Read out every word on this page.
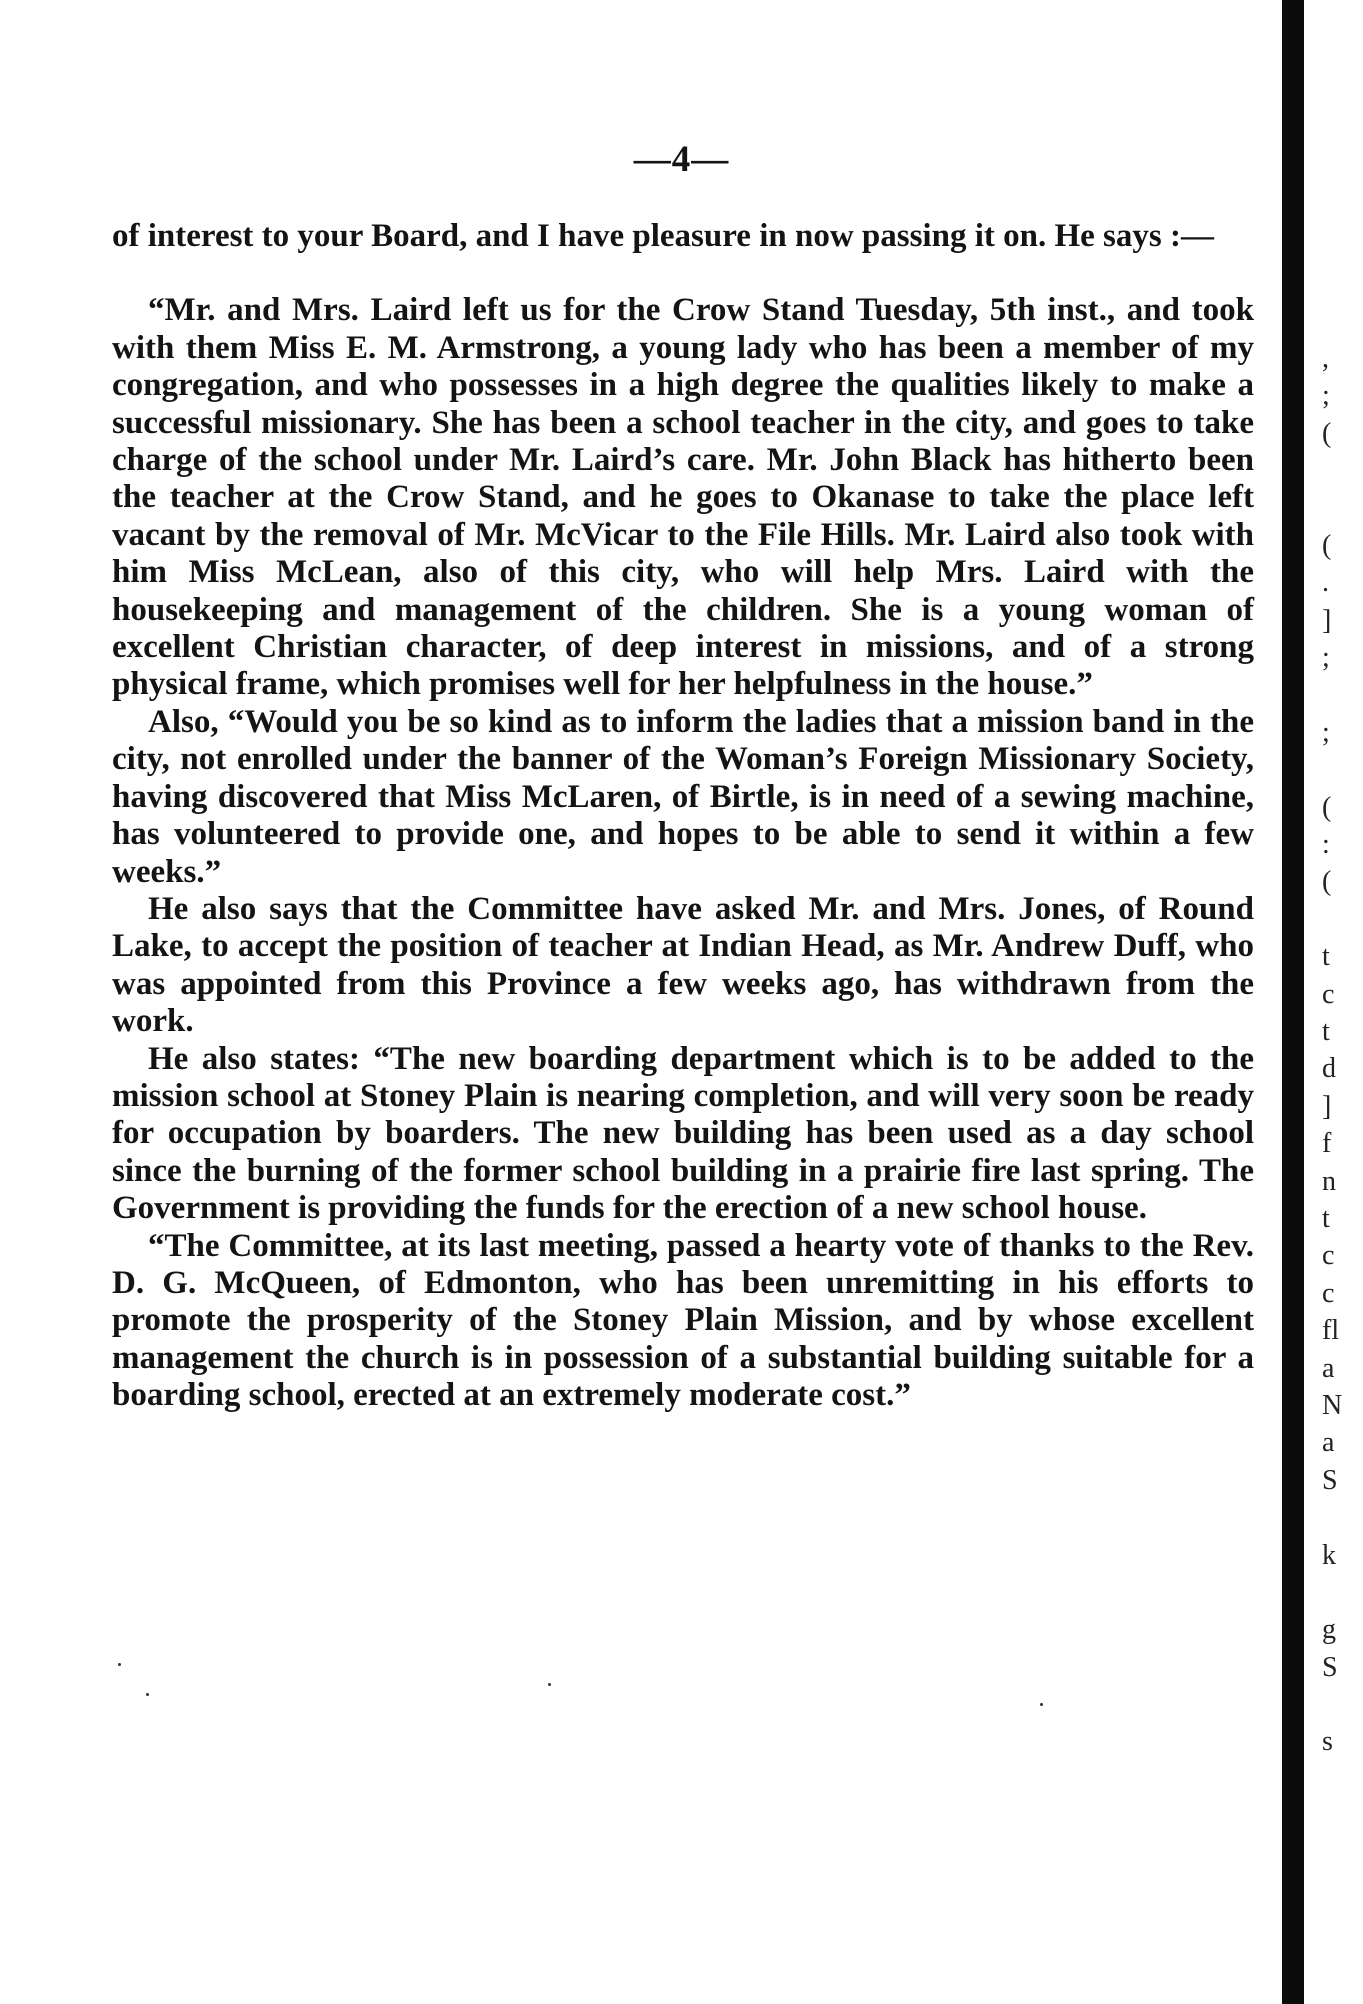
—4—

of interest to your Board, and I have pleasure in now passing it on. He says :—

“Mr. and Mrs. Laird left us for the Crow Stand Tuesday, 5th inst., and took with them Miss E. M. Armstrong, a young lady who has been a member of my congregation, and who possesses in a high degree the qualities likely to make a successful missionary. She has been a school teacher in the city, and goes to take charge of the school under Mr. Laird’s care. Mr. John Black has hitherto been the teacher at the Crow Stand, and he goes to Okanase to take the place left vacant by the removal of Mr. McVicar to the File Hills. Mr. Laird also took with him Miss McLean, also of this city, who will help Mrs. Laird with the housekeeping and management of the children. She is a young woman of excellent Christian character, of deep interest in missions, and of a strong physical frame, which promises well for her helpfulness in the house.”

Also, “Would you be so kind as to inform the ladies that a mission band in the city, not enrolled under the banner of the Woman’s Foreign Missionary Society, having discovered that Miss McLaren, of Birtle, is in need of a sewing machine, has volunteered to provide one, and hopes to be able to send it within a few weeks.”

He also says that the Committee have asked Mr. and Mrs. Jones, of Round Lake, to accept the position of teacher at Indian Head, as Mr. Andrew Duff, who was appointed from this Province a few weeks ago, has withdrawn from the work.

He also states: “The new boarding department which is to be added to the mission school at Stoney Plain is nearing completion, and will very soon be ready for occupation by boarders. The new building has been used as a day school since the burning of the former school building in a prairie fire last spring. The Government is providing the funds for the erection of a new school house.

“The Committee, at its last meeting, passed a hearty vote of thanks to the Rev. D. G. McQueen, of Edmonton, who has been unremitting in his efforts to promote the prosperity of the Stoney Plain Mission, and by whose excellent management the church is in possession of a substantial building suitable for a boarding school, erected at an extremely moderate cost.”

,
;
(
(
.
]
;
;
(
:
(
t
c
t
d
]
f
n
t
c
c
fl
a
N
a
S
k
g
S
s
